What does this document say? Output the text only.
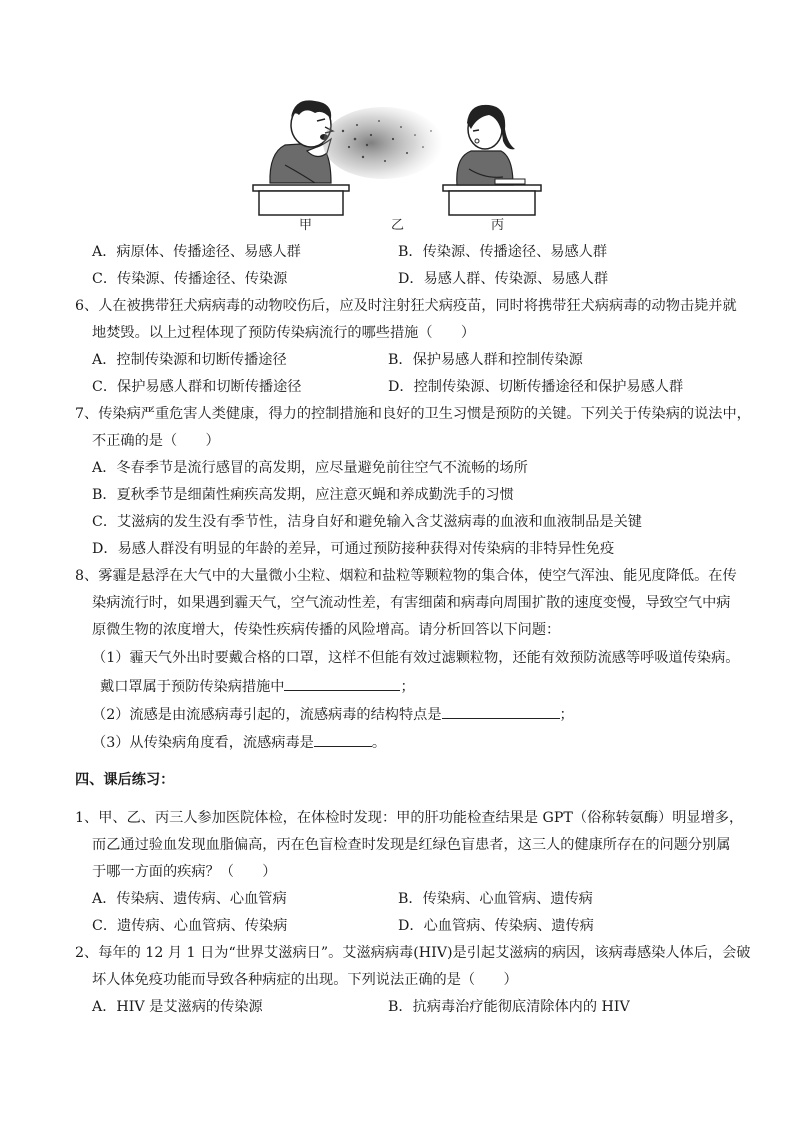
甲	乙	丙
A．病原体、传播途径、易感人群	B．传染源、传播途径、易感人群
C．传染源、传播途径、传染源	D．易感人群、传染源、易感人群
6、人在被携带狂犬病病毒的动物咬伤后，应及时注射狂犬病疫苗，同时将携带狂犬病病毒的动物击毙并就
地焚毁。以上过程体现了预防传染病流行的哪些措施（　　）
A．控制传染源和切断传播途径	B．保护易感人群和控制传染源
C．保护易感人群和切断传播途径	D．控制传染源、切断传播途径和保护易感人群
7、传染病严重危害人类健康，得力的控制措施和良好的卫生习惯是预防的关键。下列关于传染病的说法中，
不正确的是（　　）
A．冬春季节是流行感冒的高发期，应尽量避免前往空气不流畅的场所
B．夏秋季节是细菌性痢疾高发期，应注意灭蝇和养成勤洗手的习惯
C．艾滋病的发生没有季节性，洁身自好和避免输入含艾滋病毒的血液和血液制品是关键
D．易感人群没有明显的年龄的差异，可通过预防接种获得对传染病的非特异性免疫
8、雾霾是悬浮在大气中的大量微小尘粒、烟粒和盐粒等颗粒物的集合体，使空气浑浊、能见度降低。在传
染病流行时，如果遇到霾天气，空气流动性差，有害细菌和病毒向周围扩散的速度变慢，导致空气中病
原微生物的浓度增大，传染性疾病传播的风险增高。请分析回答以下问题：
（1）霾天气外出时要戴合格的口罩，这样不但能有效过滤颗粒物，还能有效预防流感等呼吸道传染病。
戴口罩属于预防传染病措施中	；
（2）流感是由流感病毒引起的，流感病毒的结构特点是	；
（3）从传染病角度看，流感病毒是	。
四、课后练习：
1、甲、乙、丙三人参加医院体检，在体检时发现：甲的肝功能检查结果是 GPT（俗称转氨酶）明显增多，
而乙通过验血发现血脂偏高，丙在色盲检查时发现是红绿色盲患者，这三人的健康所存在的问题分别属
于哪一方面的疾病？（　　）
A．传染病、遗传病、心血管病	B．传染病、心血管病、遗传病
C．遗传病、心血管病、传染病	D．心血管病、传染病、遗传病
2、每年的 12 月 1 日为“世界艾滋病日”。艾滋病病毒(HIV)是引起艾滋病的病因，该病毒感染人体后，会破
坏人体免疫功能而导致各种病症的出现。下列说法正确的是（　　）
A．HIV 是艾滋病的传染源	B．抗病毒治疗能彻底清除体内的 HIV
